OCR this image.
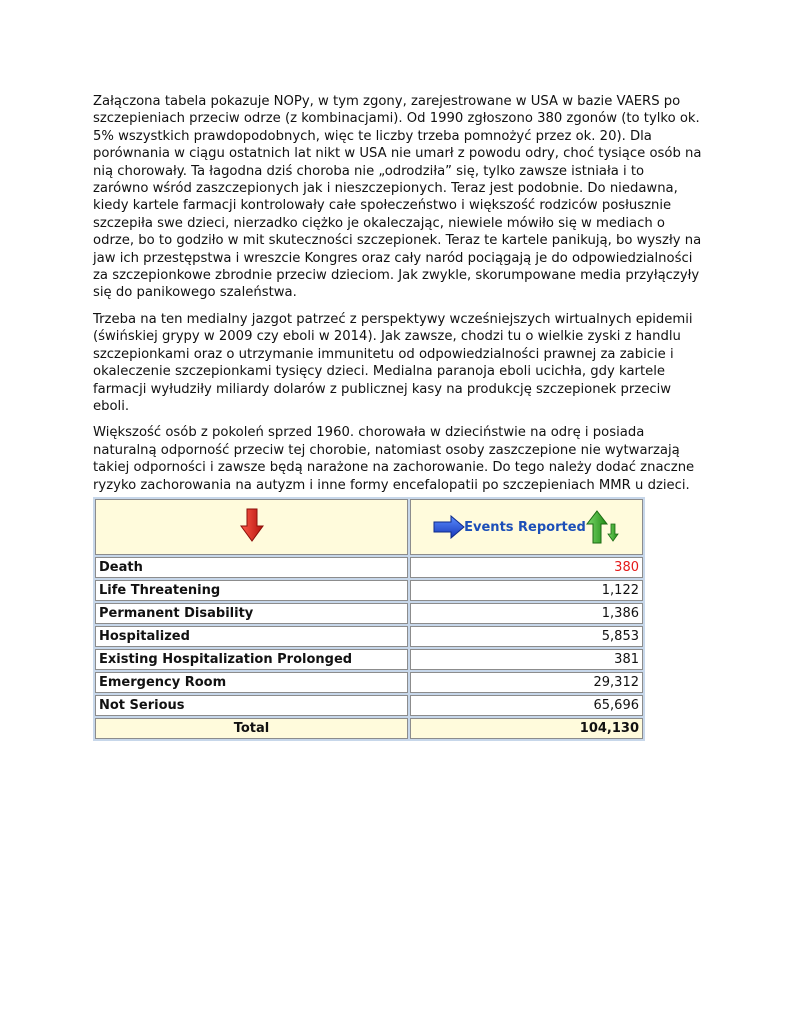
Załączona tabela pokazuje NOPy, w tym zgony, zarejestrowane w USA w bazie VAERS po
szczepieniach przeciw odrze (z kombinacjami). Od 1990 zgłoszono 380 zgonów (to tylko ok.
5% wszystkich prawdopodobnych, więc te liczby trzeba pomnożyć przez ok. 20). Dla
porównania w ciągu ostatnich lat nikt w USA nie umarł z powodu odry, choć tysiące osób na
nią chorowały. Ta łagodna dziś choroba nie „odrodziła” się, tylko zawsze istniała i to
zarówno wśród zaszczepionych jak i nieszczepionych. Teraz jest podobnie. Do niedawna,
kiedy kartele farmacji kontrolowały całe społeczeństwo i większość rodziców posłusznie
szczepiła swe dzieci, nierzadko ciężko je okaleczając, niewiele mówiło się w mediach o
odrze, bo to godziło w mit skuteczności szczepionek. Teraz te kartele panikują, bo wyszły na
jaw ich przestępstwa i wreszcie Kongres oraz cały naród pociągają je do odpowiedzialności
za szczepionkowe zbrodnie przeciw dzieciom. Jak zwykle, skorumpowane media przyłączyły
się do panikowego szaleństwa.

Trzeba na ten medialny jazgot patrzeć z perspektywy wcześniejszych wirtualnych epidemii
(świńskiej grypy w 2009 czy eboli w 2014). Jak zawsze, chodzi tu o wielkie zyski z handlu
szczepionkami oraz o utrzymanie immunitetu od odpowiedzialności prawnej za zabicie i
okaleczenie szczepionkami tysięcy dzieci. Medialna paranoja eboli ucichła, gdy kartele
farmacji wyłudziły miliardy dolarów z publicznej kasy na produkcję szczepionek przeciw
eboli.

Większość osób z pokoleń sprzed 1960. chorowała w dzieciństwie na odrę i posiada
naturalną odporność przeciw tej chorobie, natomiast osoby zaszczepione nie wytwarzają
takiej odporności i zawsze będą narażone na zachorowanie. Do tego należy dodać znaczne
ryzyko zachorowania na autyzm i inne formy encefalopatii po szczepieniach MMR u dzieci.

Events Reported

Death	380
Life Threatening	1,122
Permanent Disability	1,386
Hospitalized	5,853
Existing Hospitalization Prolonged	381
Emergency Room	29,312
Not Serious	65,696
Total	104,130
